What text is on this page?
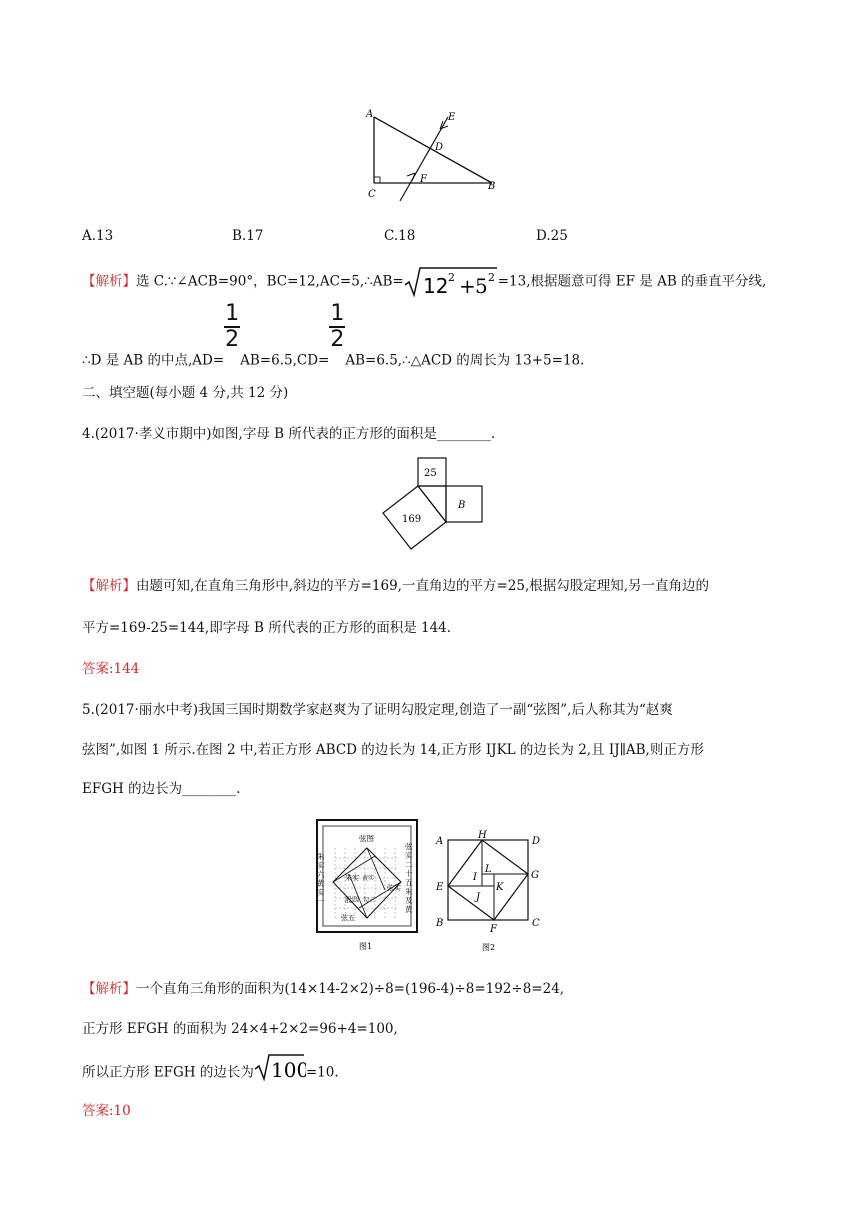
A
C
B
D
E
F
A.13	B.17	C.18	D.25
【解析】选 C.∵∠ACB=90°，BC=12,AC=5,∴AB= 12 2 + 5 2 =13,根据题意可得 EF 是 AB 的垂直平分线,
∴D 是 AB 的中点,AD=
$\frac{1}{2}$
AB=6.5,CD=
$\frac{1}{2}$
AB=6.5,∴△ACD 的周长为 13+5=18.
二、填空题(每小题 4 分,共 12 分)
4.(2017·孝义市期中)如图,字母 B 所代表的正方形的面积是________.
25
B
169
【解析】由题可知,在直角三角形中,斜边的平方=169,一直角边的平方=25,根据勾股定理知,另一直角边的
平方=169-25=144,即字母 B 所代表的正方形的面积是 144.
答案:144
5.(2017·丽水中考)我国三国时期数学家赵爽为了证明勾股定理,创造了一副“弦图”,后人称其为“赵爽
弦图”,如图 1 所示.在图 2 中,若正方形 ABCD 的边长为 14,正方形 IJKL 的边长为 2,且 IJ∥AB,则正方形
EFGH 的边长为________.
弦图
朱实
股四
弦实
弦五
黄实
勾三
图1
朱实六黄实一
弦实二十五朱及黄
A
B	C
D
E
F
G
H
I
J
K
L
图2
【解析】一个直角三角形的面积为(14×14-2×2)÷8=(196-4)÷8=192÷8=24,
正方形 EFGH 的面积为 24×4+2×2=96+4=100,
所以正方形 EFGH 的边长为 100
=10.
答案:10
